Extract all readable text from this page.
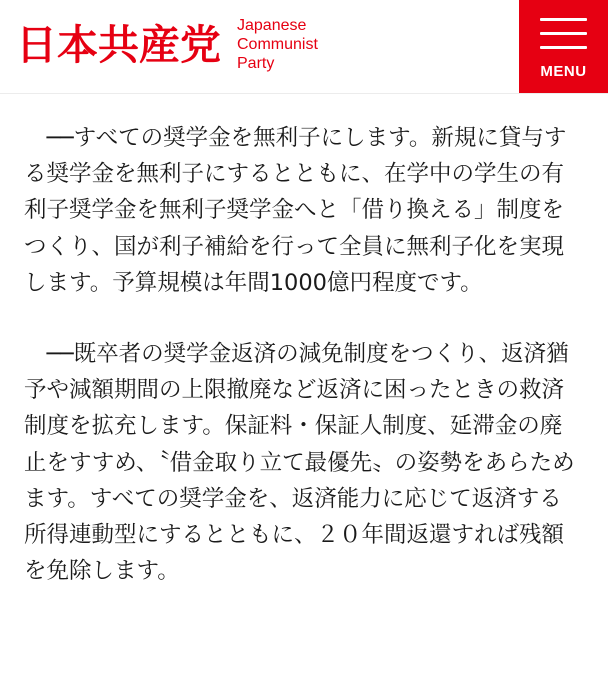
日本共産党 Japanese
Communist
Party	MENU

──すべての奨学金を無利子にします。新規に貸与する奨学金を無利子にするとともに、在学中の学生の有利子奨学金を無利子奨学金へと「借り換える」制度をつくり、国が利子補給を行って全員に無利子化を実現します。予算規模は年間1000億円程度です。

──既卒者の奨学金返済の減免制度をつくり、返済猶予や減額期間の上限撤廃など返済に困ったときの救済制度を拡充します。保証料・保証人制度、延滞金の廃止をすすめ、〝借金取り立て最優先〟の姿勢をあらためます。すべての奨学金を、返済能力に応じて返済する所得連動型にするとともに、２０年間返還すれば残額を免除します。
